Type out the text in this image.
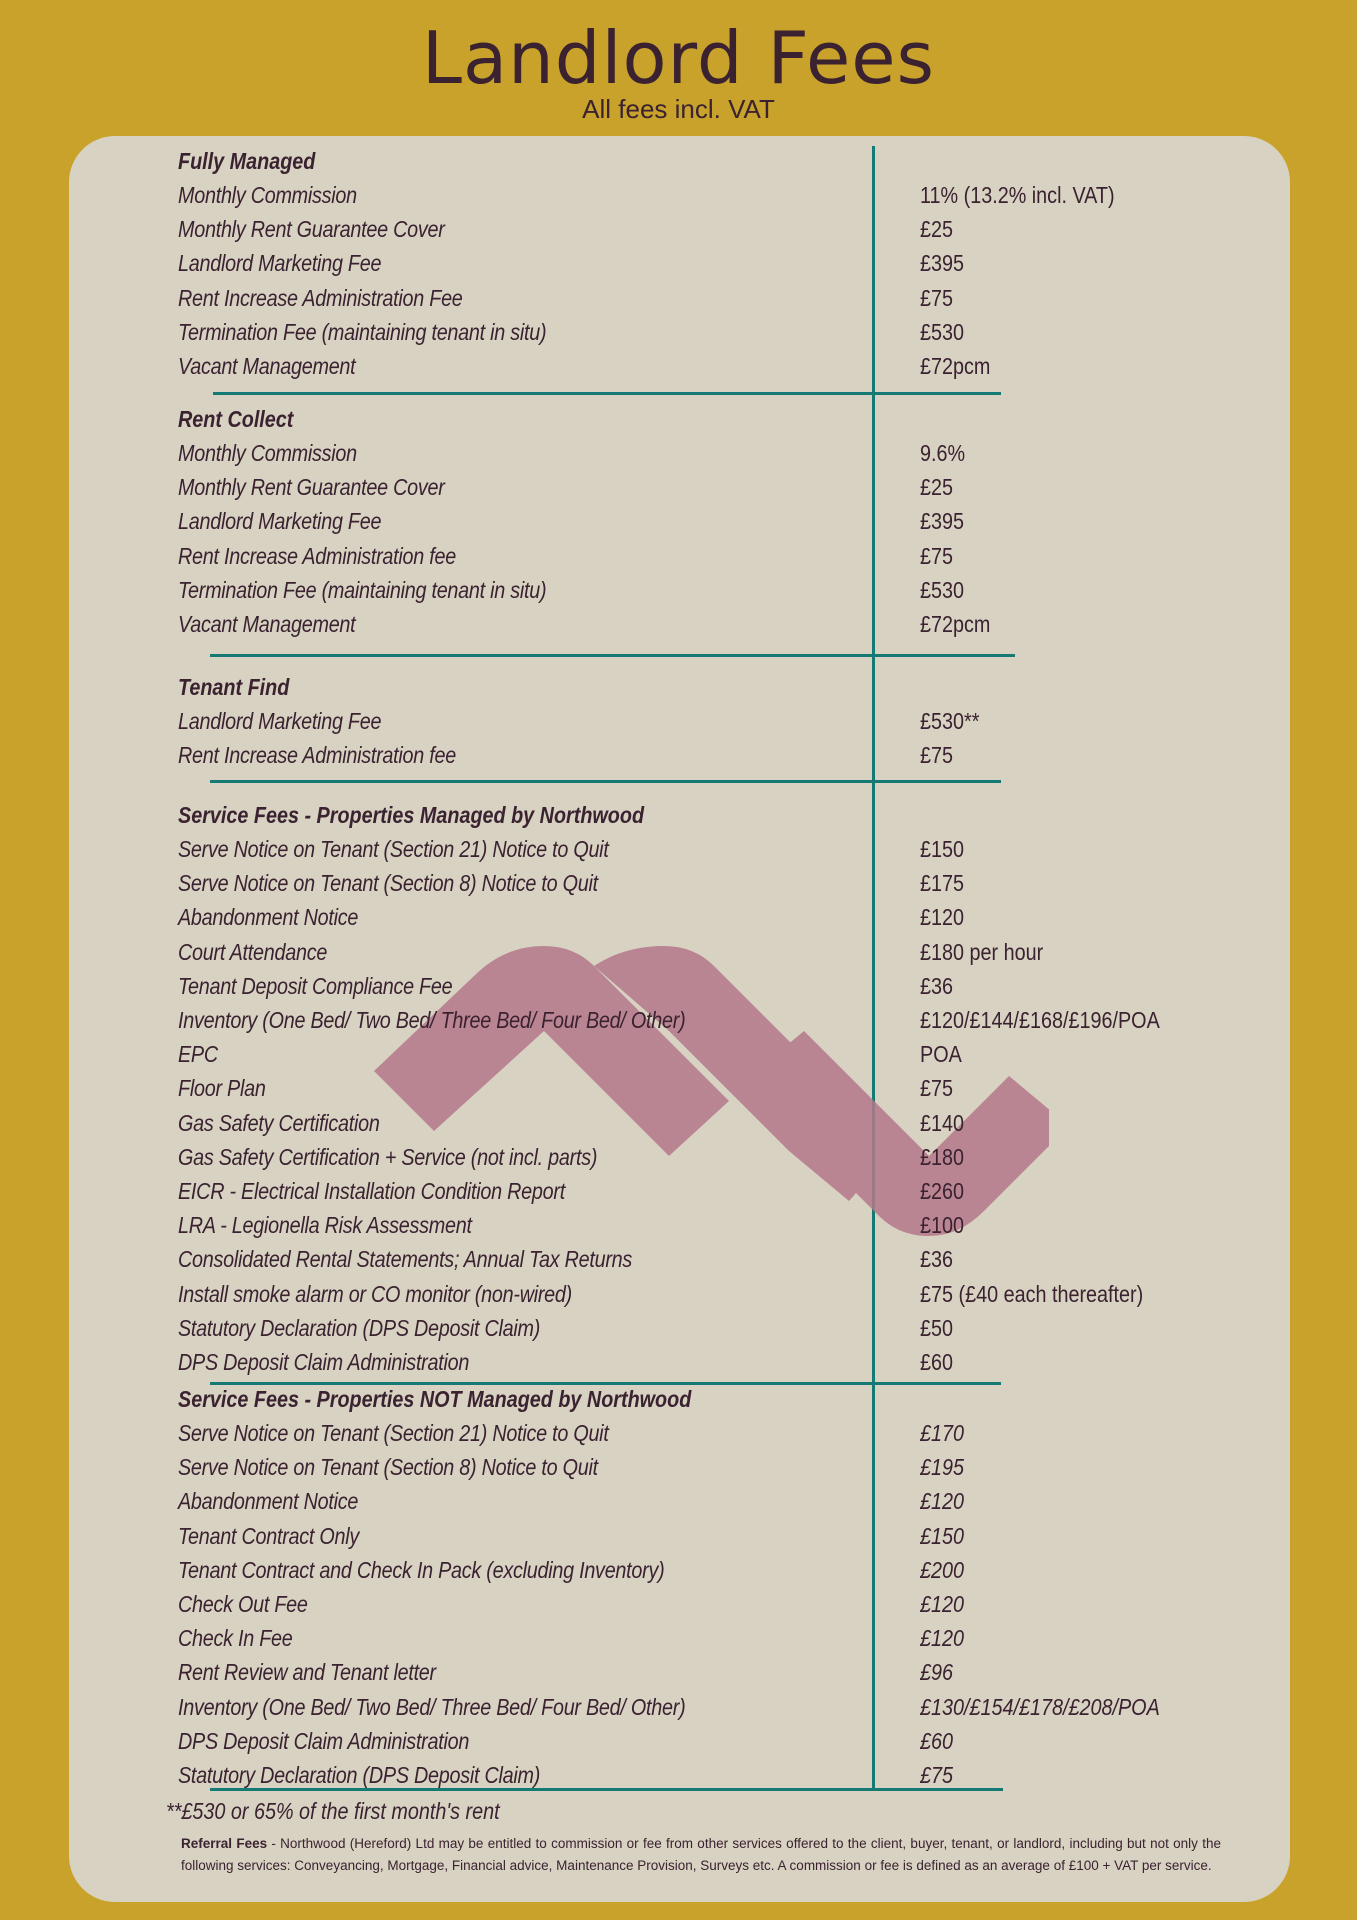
Landlord Fees
All fees incl. VAT
Fully Managed
Monthly Commission	11% (13.2% incl. VAT)
Monthly Rent Guarantee Cover	£25
Landlord Marketing Fee	£395
Rent Increase Administration Fee	£75
Termination Fee (maintaining tenant in situ)	£530
Vacant Management	£72pcm
Rent Collect
Monthly Commission	9.6%
Monthly Rent Guarantee Cover	£25
Landlord Marketing Fee	£395
Rent Increase Administration fee	£75
Termination Fee (maintaining tenant in situ)	£530
Vacant Management	£72pcm
Tenant Find
Landlord Marketing Fee	£530**
Rent Increase Administration fee	£75
Service Fees - Properties Managed by Northwood
Serve Notice on Tenant (Section 21) Notice to Quit	£150
Serve Notice on Tenant (Section 8) Notice to Quit	£175
Abandonment Notice	£120
Court Attendance	£180 per hour
Tenant Deposit Compliance Fee	£36
Inventory (One Bed/ Two Bed/ Three Bed/ Four Bed/ Other)	£120/£144/£168/£196/POA
EPC	POA
Floor Plan	£75
Gas Safety Certification	£140
Gas Safety Certification + Service (not incl. parts)	£180
EICR - Electrical Installation Condition Report	£260
LRA - Legionella Risk Assessment	£100
Consolidated Rental Statements; Annual Tax Returns	£36
Install smoke alarm or CO monitor (non-wired)	£75 (£40 each thereafter)
Statutory Declaration (DPS Deposit Claim)	£50
DPS Deposit Claim Administration	£60
Service Fees - Properties NOT Managed by Northwood
Serve Notice on Tenant (Section 21) Notice to Quit	£170
Serve Notice on Tenant (Section 8) Notice to Quit	£195
Abandonment Notice	£120
Tenant Contract Only	£150
Tenant Contract and Check In Pack (excluding Inventory)	£200
Check Out Fee	£120
Check In Fee	£120
Rent Review and Tenant letter	£96
Inventory (One Bed/ Two Bed/ Three Bed/ Four Bed/ Other)	£130/£154/£178/£208/POA
DPS Deposit Claim Administration	£60
Statutory Declaration (DPS Deposit Claim)	£75
**£530 or 65% of the first month's rent
Referral Fees - Northwood (Hereford) Ltd may be entitled to commission or fee from other services offered to the client, buyer, tenant, or landlord, including but not only the following services: Conveyancing, Mortgage, Financial advice, Maintenance Provision, Surveys etc. A commission or fee is defined as an average of £100 + VAT per service.
